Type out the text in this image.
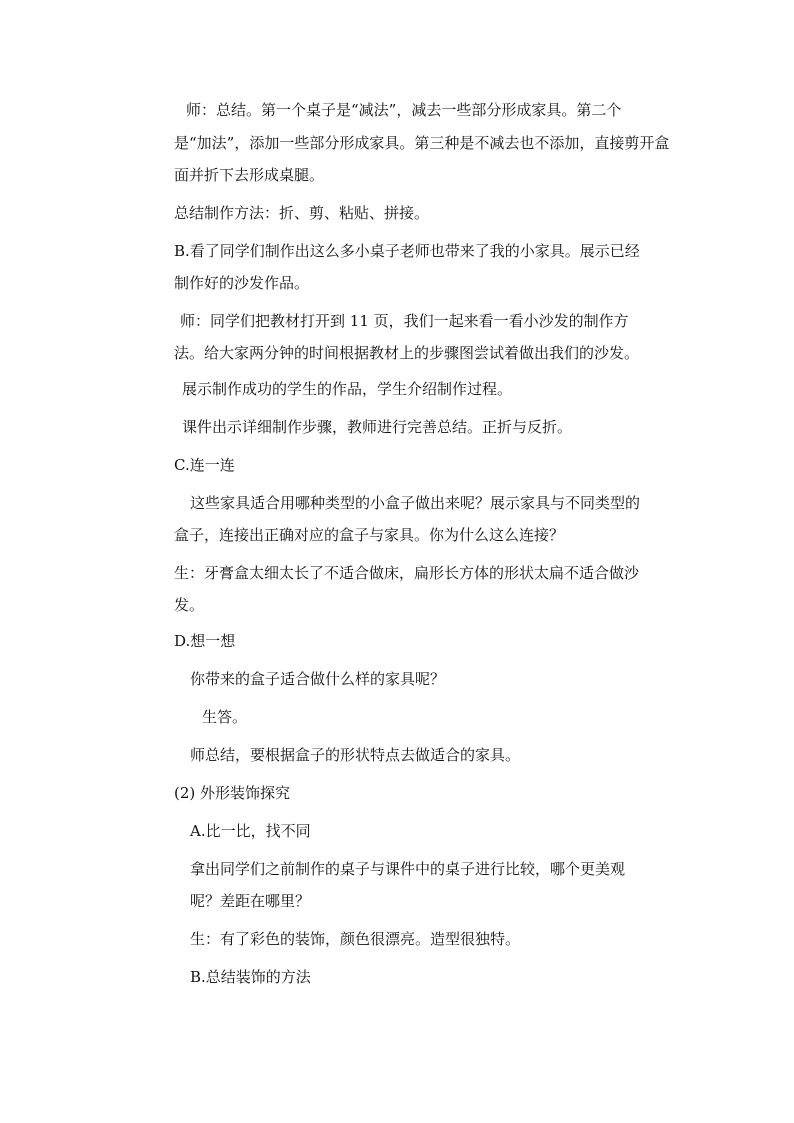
师：总结。第一个桌子是“减法”，减去一些部分形成家具。第二个

是“加法”，添加一些部分形成家具。第三种是不减去也不添加，直接剪开盒

面并折下去形成桌腿。

总结制作方法：折、剪、粘贴、拼接。

B.看了同学们制作出这么多小桌子老师也带来了我的小家具。展示已经

制作好的沙发作品。

师：同学们把教材打开到 11 页，我们一起来看一看小沙发的制作方

法。给大家两分钟的时间根据教材上的步骤图尝试着做出我们的沙发。

展示制作成功的学生的作品，学生介绍制作过程。

课件出示详细制作步骤，教师进行完善总结。正折与反折。

C.连一连

这些家具适合用哪种类型的小盒子做出来呢？展示家具与不同类型的

盒子，连接出正确对应的盒子与家具。你为什么这么连接？

生：牙膏盒太细太长了不适合做床，扁形长方体的形状太扁不适合做沙

发。

D.想一想

你带来的盒子适合做什么样的家具呢？

生答。

师总结，要根据盒子的形状特点去做适合的家具。

(2) 外形装饰探究

A.比一比，找不同

拿出同学们之前制作的桌子与课件中的桌子进行比较，哪个更美观

呢？差距在哪里？

生：有了彩色的装饰，颜色很漂亮。造型很独特。

B.总结装饰的方法
